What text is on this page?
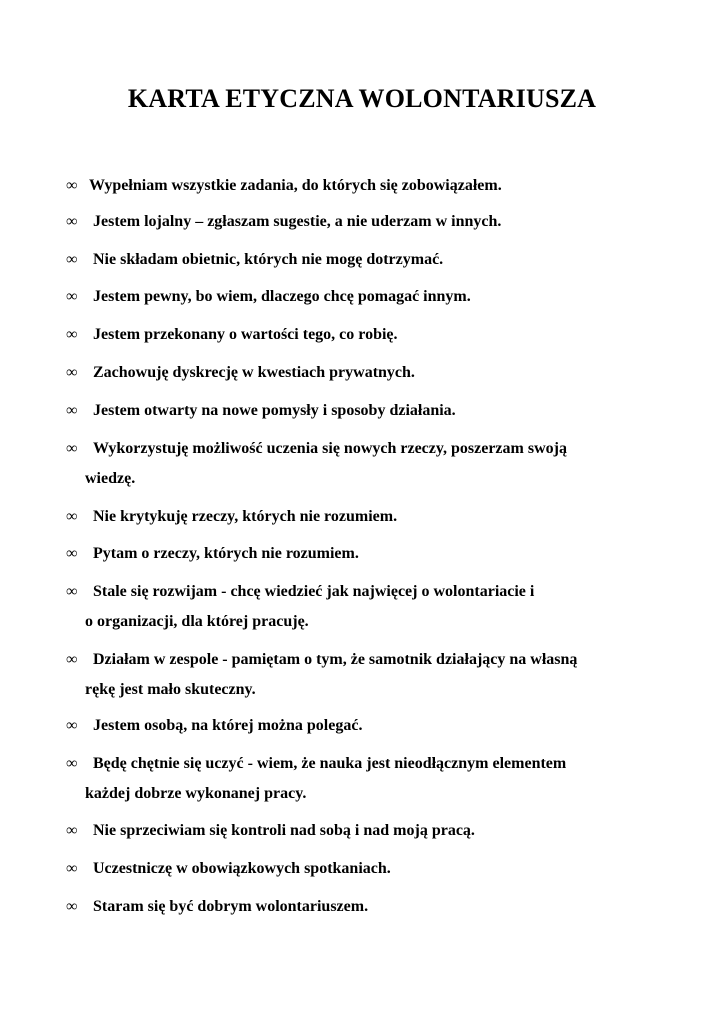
KARTA ETYCZNA WOLONTARIUSZA
∞ Wypełniam wszystkie zadania, do których się zobowiązałem.
∞ Jestem lojalny – zgłaszam sugestie, a nie uderzam w innych.
∞ Nie składam obietnic, których nie mogę dotrzymać.
∞ Jestem pewny, bo wiem, dlaczego chcę pomagać innym.
∞ Jestem przekonany o wartości tego, co robię.
∞ Zachowuję dyskrecję w kwestiach prywatnych.
∞ Jestem otwarty na nowe pomysły i sposoby działania.
∞ Wykorzystuję możliwość uczenia się nowych rzeczy, poszerzam swoją
wiedzę.
∞ Nie krytykuję rzeczy, których nie rozumiem.
∞ Pytam o rzeczy, których nie rozumiem.
∞ Stale się rozwijam - chcę wiedzieć jak najwięcej o wolontariacie i
o organizacji, dla której pracuję.
∞ Działam w zespole - pamiętam o tym, że samotnik działający na własną
rękę jest mało skuteczny.
∞ Jestem osobą, na której można polegać.
∞ Będę chętnie się uczyć - wiem, że nauka jest nieodłącznym elementem
każdej dobrze wykonanej pracy.
∞ Nie sprzeciwiam się kontroli nad sobą i nad moją pracą.
∞ Uczestniczę w obowiązkowych spotkaniach.
∞ Staram się być dobrym wolontariuszem.
